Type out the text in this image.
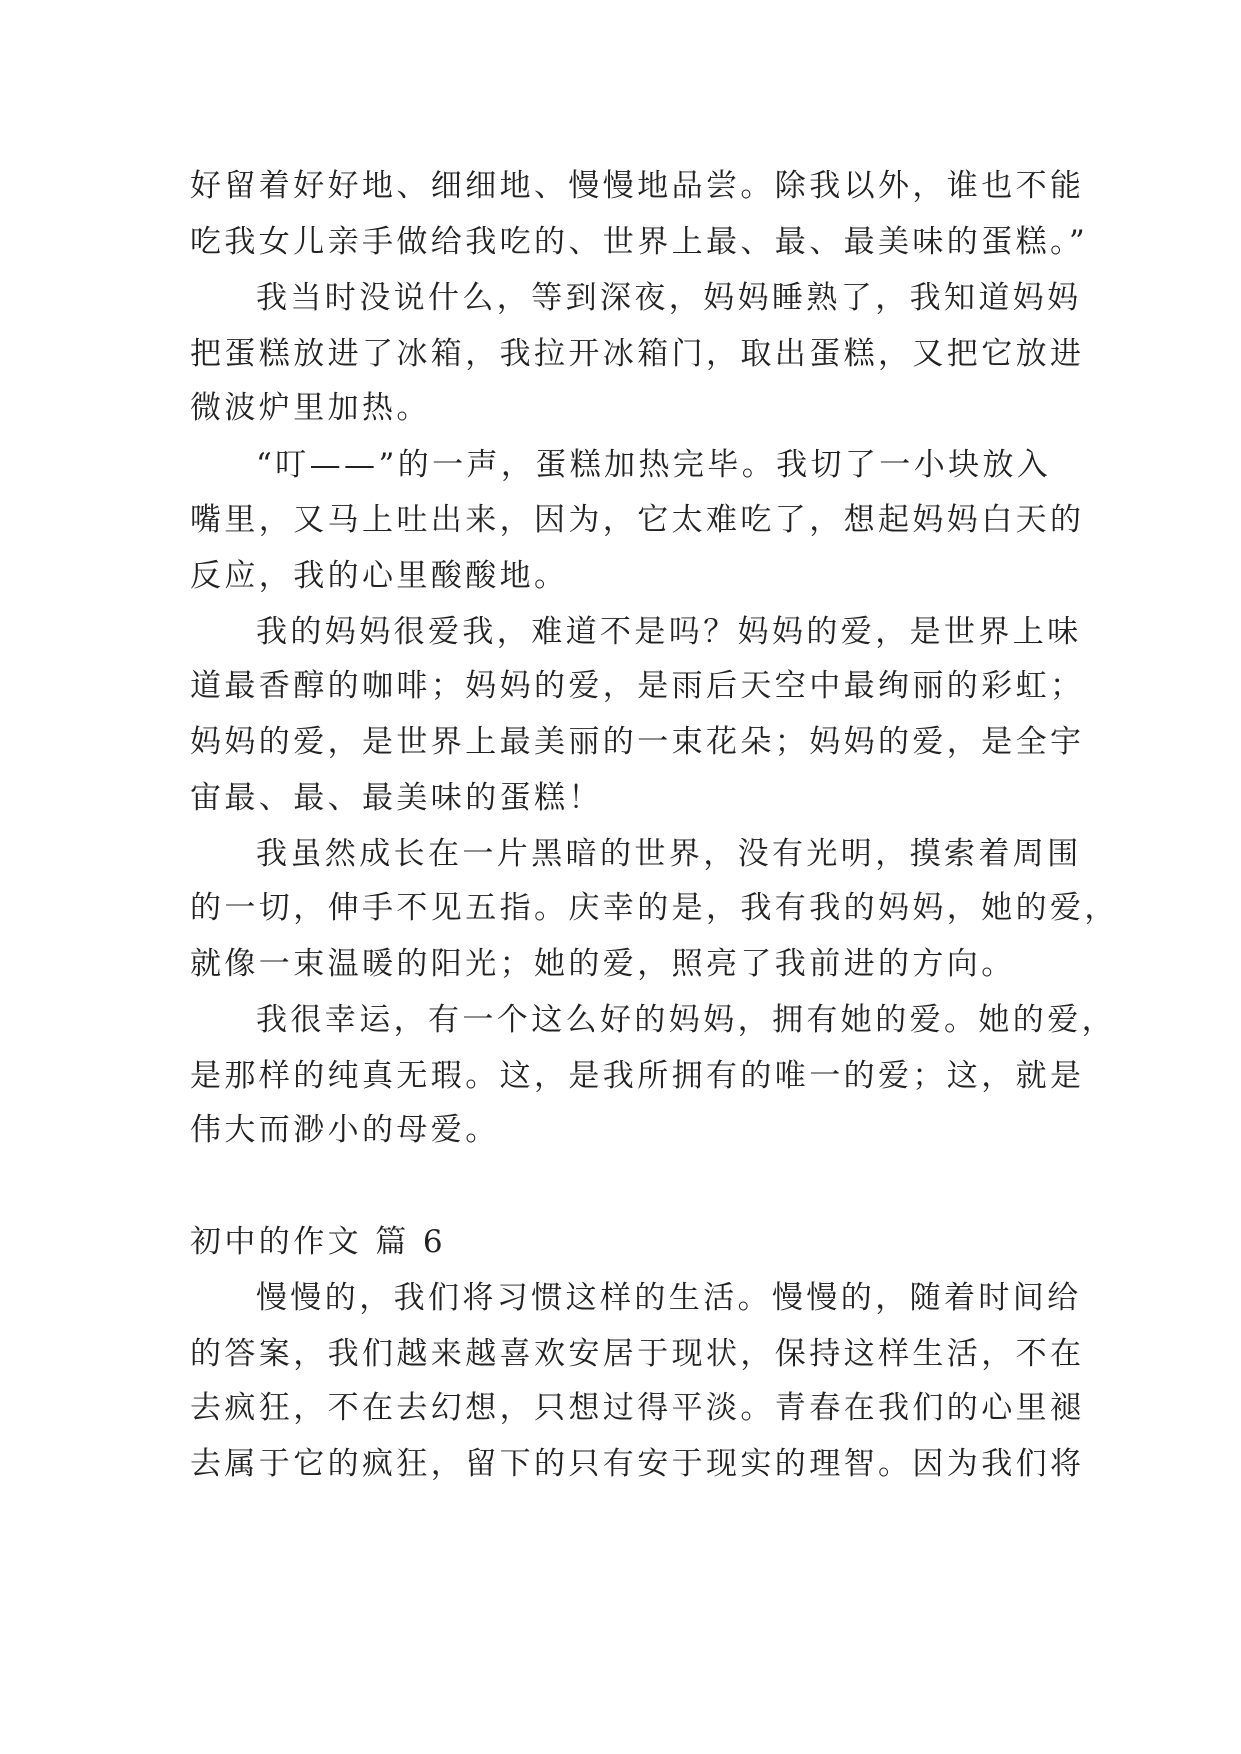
好留着好好地、细细地、慢慢地品尝。除我以外，谁也不能
吃我女儿亲手做给我吃的、世界上最、最、最美味的蛋糕。”
我当时没说什么，等到深夜，妈妈睡熟了，我知道妈妈
把蛋糕放进了冰箱，我拉开冰箱门，取出蛋糕，又把它放进
微波炉里加热。
“叮——”的一声，蛋糕加热完毕。我切了一小块放入
嘴里，又马上吐出来，因为，它太难吃了，想起妈妈白天的
反应，我的心里酸酸地。
我的妈妈很爱我，难道不是吗？妈妈的爱，是世界上味
道最香醇的咖啡；妈妈的爱，是雨后天空中最绚丽的彩虹；
妈妈的爱，是世界上最美丽的一束花朵；妈妈的爱，是全宇
宙最、最、最美味的蛋糕！
我虽然成长在一片黑暗的世界，没有光明，摸索着周围
的一切，伸手不见五指。庆幸的是，我有我的妈妈，她的爱，
就像一束温暖的阳光；她的爱，照亮了我前进的方向。
我很幸运，有一个这么好的妈妈，拥有她的爱。她的爱，
是那样的纯真无瑕。这，是我所拥有的唯一的爱；这，就是
伟大而渺小的母爱。
初中的作文 篇 6
慢慢的，我们将习惯这样的生活。慢慢的，随着时间给
的答案，我们越来越喜欢安居于现状，保持这样生活，不在
去疯狂，不在去幻想，只想过得平淡。青春在我们的心里褪
去属于它的疯狂，留下的只有安于现实的理智。因为我们将
